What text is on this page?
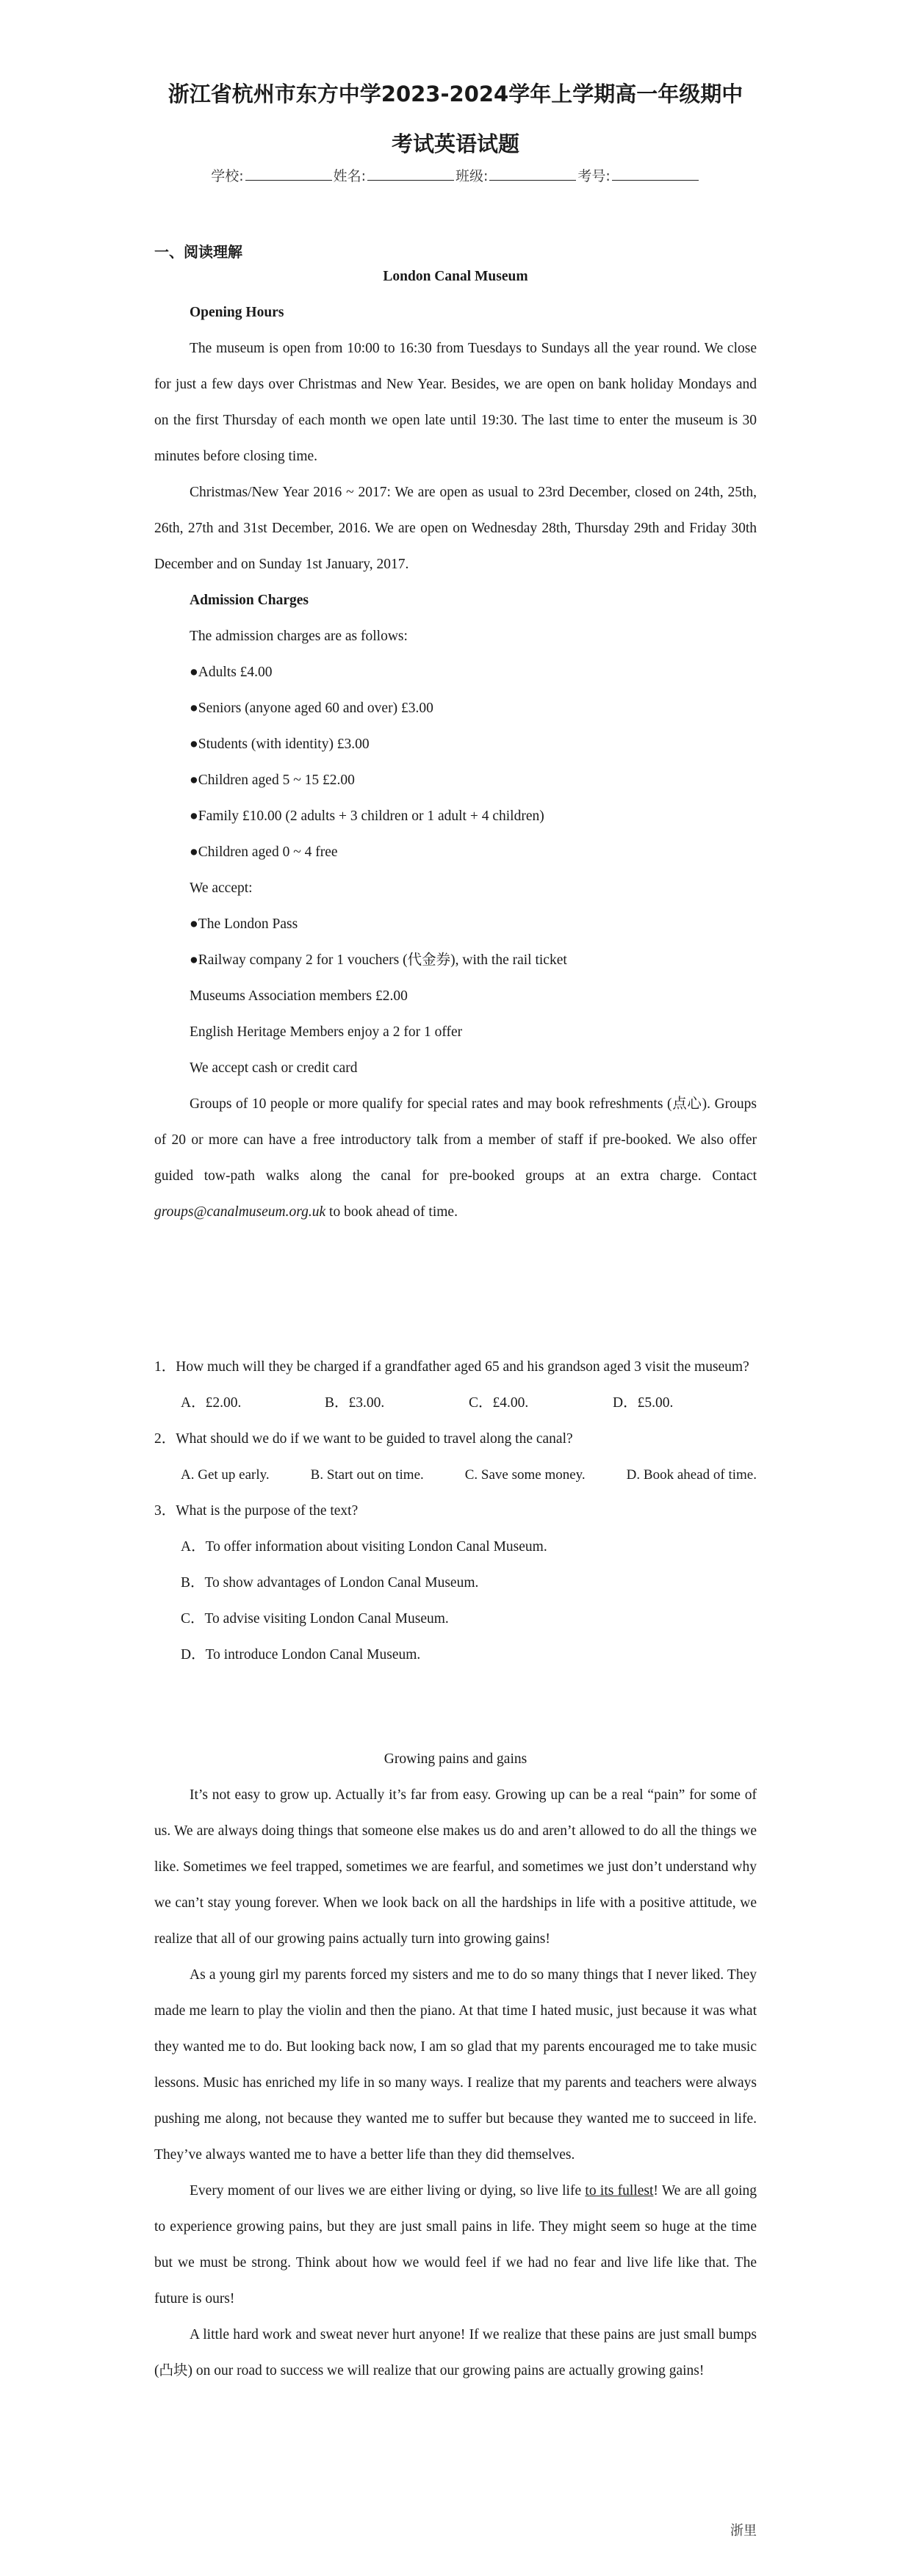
浙江省杭州市东方中学2023-2024学年上学期高一年级期中
考试英语试题
学校:	姓名:	班级:	考号:
一、阅读理解

London Canal Museum

Opening Hours

The museum is open from 10:00 to 16:30 from Tuesdays to Sundays all the year round. We close for just a few days over Christmas and New Year. Besides, we are open on bank holiday Mondays and on the first Thursday of each month we open late until 19:30. The last time to enter the museum is 30 minutes before closing time.

Christmas/New Year 2016 ~ 2017: We are open as usual to 23rd December, closed on 24th, 25th, 26th, 27th and 31st December, 2016. We are open on Wednesday 28th, Thursday 29th and Friday 30th December and on Sunday 1st January, 2017.

Admission Charges

The admission charges are as follows:

●Adults £4.00

●Seniors (anyone aged 60 and over) £3.00

●Students (with identity) £3.00

●Children aged 5 ~ 15 £2.00

●Family £10.00 (2 adults + 3 children or 1 adult + 4 children)

●Children aged 0 ~ 4 free

We accept:

●The London Pass

●Railway company 2 for 1 vouchers (代金券), with the rail ticket

Museums Association members £2.00

English Heritage Members enjoy a 2 for 1 offer

We accept cash or credit card

Groups of 10 people or more qualify for special rates and may book refreshments (点心). Groups of 20 or more can have a free introductory talk from a member of staff if pre-booked. We also offer guided tow-path walks along the canal for pre-booked groups at an extra charge. Contact groups@canalmuseum.org.uk to book ahead of time.

1．How much will they be charged if a grandfather aged 65 and his grandson aged 3 visit the museum?

A．£2.00.	B．£3.00.	C．£4.00.	D．£5.00.

2．What should we do if we want to be guided to travel along the canal?

A. Get up early.	B. Start out on time.	C. Save some money.	D. Book ahead of time.

3．What is the purpose of the text?

A．To offer information about visiting London Canal Museum.

B．To show advantages of London Canal Museum.

C．To advise visiting London Canal Museum.

D．To introduce London Canal Museum.

Growing pains and gains

It’s not easy to grow up. Actually it’s far from easy. Growing up can be a real “pain” for some of us. We are always doing things that someone else makes us do and aren’t allowed to do all the things we like. Sometimes we feel trapped, sometimes we are fearful, and sometimes we just don’t understand why we can’t stay young forever. When we look back on all the hardships in life with a positive attitude, we realize that all of our growing pains actually turn into growing gains!

As a young girl my parents forced my sisters and me to do so many things that I never liked. They made me learn to play the violin and then the piano. At that time I hated music, just because it was what they wanted me to do. But looking back now, I am so glad that my parents encouraged me to take music lessons. Music has enriched my life in so many ways. I realize that my parents and teachers were always pushing me along, not because they wanted me to suffer but because they wanted me to succeed in life. They’ve always wanted me to have a better life than they did themselves.

Every moment of our lives we are either living or dying, so live life to its fullest! We are all going to experience growing pains, but they are just small pains in life. They might seem so huge at the time but we must be strong. Think about how we would feel if we had no fear and live life like that. The future is ours!

A little hard work and sweat never hurt anyone! If we realize that these pains are just small bumps (凸块) on our road to success we will realize that our growing pains are actually growing gains!

浙里
